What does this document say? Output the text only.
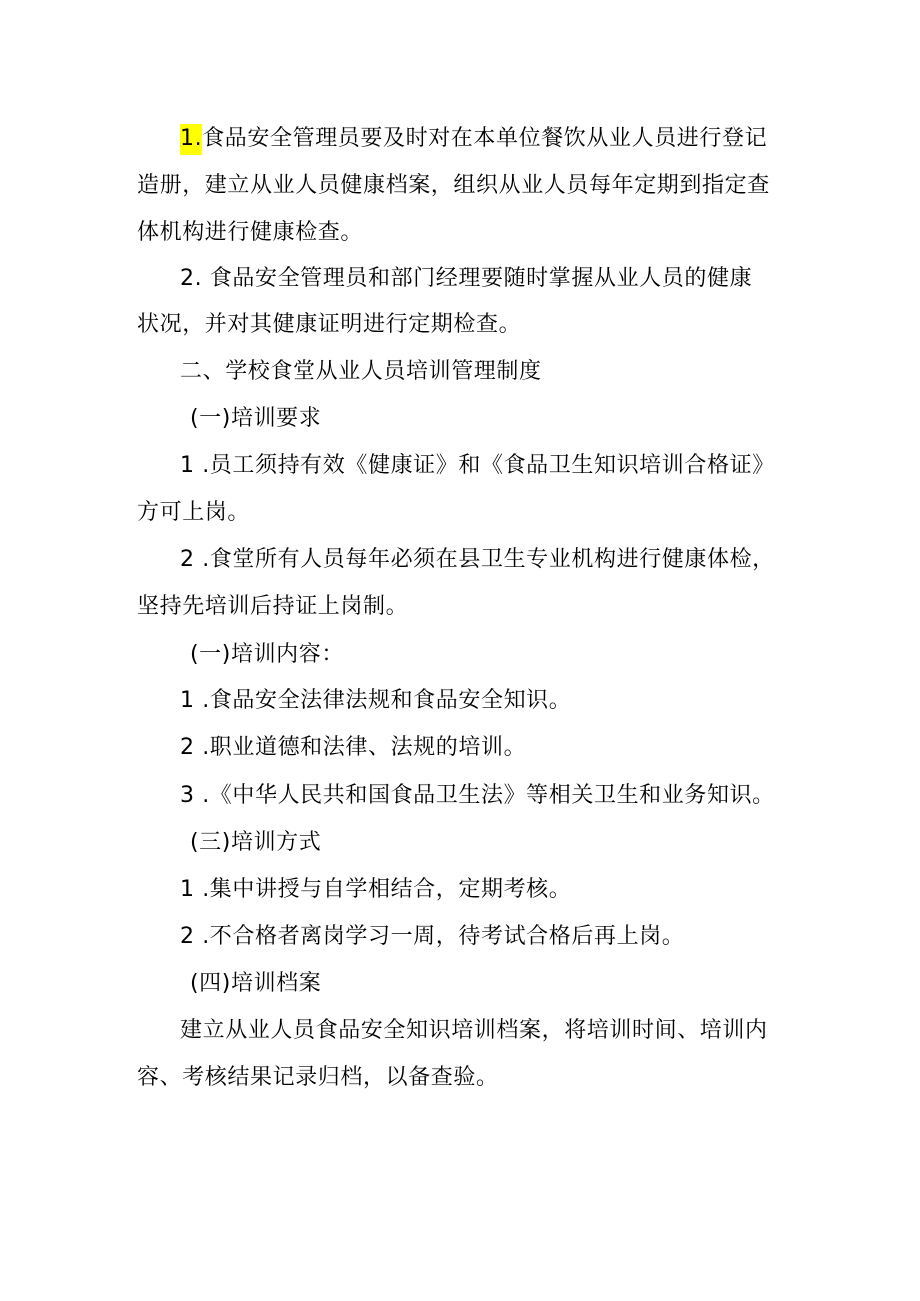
1.食品安全管理员要及时对在本单位餐饮从业人员进行登记
造册，建立从业人员健康档案，组织从业人员每年定期到指定查
体机构进行健康检查。
2. 食品安全管理员和部门经理要随时掌握从业人员的健康
状况，并对其健康证明进行定期检查。
二、学校食堂从业人员培训管理制度
(一)培训要求
1 .员工须持有效《健康证》和《食品卫生知识培训合格证》
方可上岗。
2 .食堂所有人员每年必须在县卫生专业机构进行健康体检，
坚持先培训后持证上岗制。
(一)培训内容：
1 .食品安全法律法规和食品安全知识。
2 .职业道德和法律、法规的培训。
3 .《中华人民共和国食品卫生法》等相关卫生和业务知识。
(三)培训方式
1 .集中讲授与自学相结合，定期考核。
2 .不合格者离岗学习一周，待考试合格后再上岗。
(四)培训档案
建立从业人员食品安全知识培训档案，将培训时间、培训内
容、考核结果记录归档，以备查验。
